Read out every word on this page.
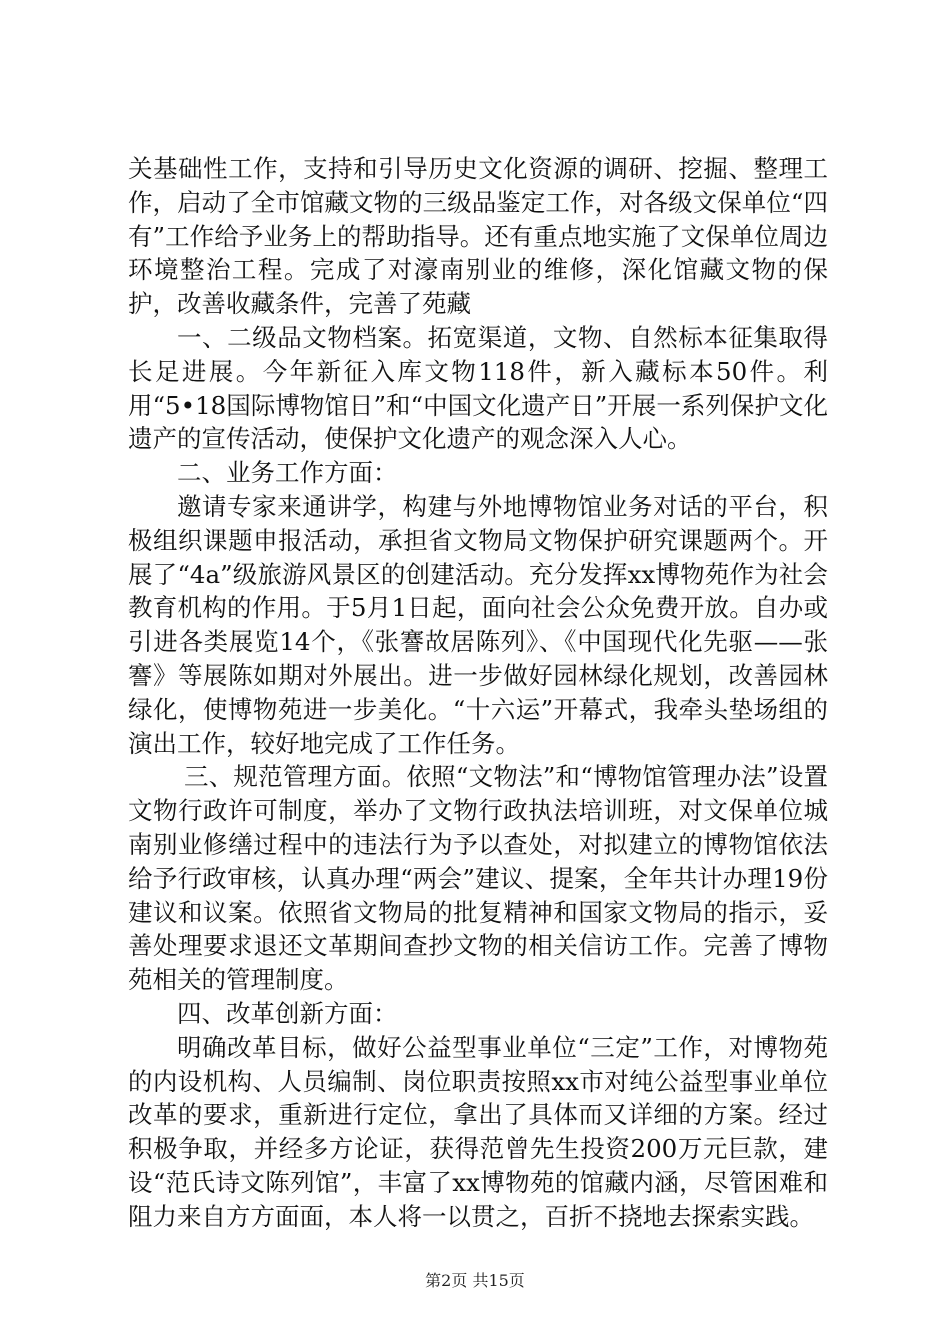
关基础性工作，支持和引导历史文化资源的调研、挖掘、整理工作，启动了全市馆藏文物的三级品鉴定工作，对各级文保单位“四有”工作给予业务上的帮助指导。还有重点地实施了文保单位周边环境整治工程。完成了对濠南别业的维修，深化馆藏文物的保护，改善收藏条件，完善了苑藏

一、二级品文物档案。拓宽渠道，文物、自然标本征集取得长足进展。今年新征入库文物118件，新入藏标本50件。利用“5•18国际博物馆日”和“中国文化遗产日”开展一系列保护文化遗产的宣传活动，使保护文化遗产的观念深入人心。

二、业务工作方面：

邀请专家来通讲学，构建与外地博物馆业务对话的平台，积极组织课题申报活动，承担省文物局文物保护研究课题两个。开展了“4a”级旅游风景区的创建活动。充分发挥xx博物苑作为社会教育机构的作用。于5月1日起，面向社会公众免费开放。自办或引进各类展览14个，《张謇故居陈列》、《中国现代化先驱——张謇》等展陈如期对外展出。进一步做好园林绿化规划，改善园林绿化，使博物苑进一步美化。“十六运”开幕式，我牵头垫场组的演出工作，较好地完成了工作任务。

三、规范管理方面。依照“文物法”和“博物馆管理办法”设置文物行政许可制度，举办了文物行政执法培训班，对文保单位城南别业修缮过程中的违法行为予以查处，对拟建立的博物馆依法给予行政审核，认真办理“两会”建议、提案，全年共计办理19份建议和议案。依照省文物局的批复精神和国家文物局的指示，妥善处理要求退还文革期间查抄文物的相关信访工作。完善了博物苑相关的管理制度。

四、改革创新方面：

明确改革目标，做好公益型事业单位“三定”工作，对博物苑的内设机构、人员编制、岗位职责按照xx市对纯公益型事业单位改革的要求，重新进行定位，拿出了具体而又详细的方案。经过积极争取，并经多方论证，获得范曾先生投资200万元巨款，建设“范氏诗文陈列馆”，丰富了xx博物苑的馆藏内涵，尽管困难和阻力来自方方面面，本人将一以贯之，百折不挠地去探索实践。

第2页 共15页
